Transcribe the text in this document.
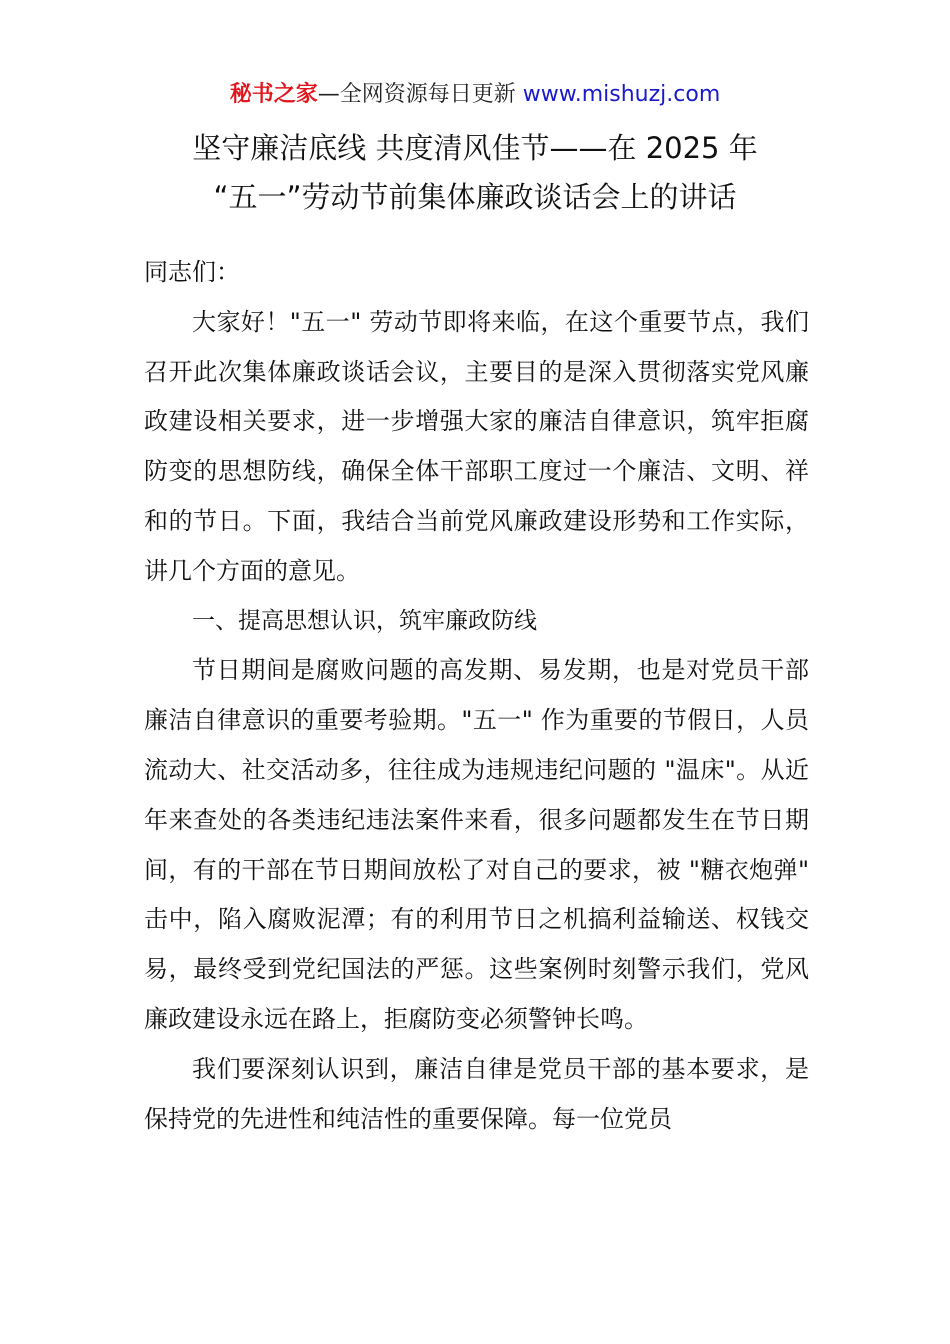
秘书之家—全网资源每日更新 www.mishuzj.com
坚守廉洁底线 共度清风佳节——在 2025 年
“五一”劳动节前集体廉政谈话会上的讲话

同志们：

大家好！"五一" 劳动节即将来临，在这个重要节点，我们召开此次集体廉政谈话会议，主要目的是深入贯彻落实党风廉政建设相关要求，进一步增强大家的廉洁自律意识，筑牢拒腐防变的思想防线，确保全体干部职工度过一个廉洁、文明、祥和的节日。下面，我结合当前党风廉政建设形势和工作实际，讲几个方面的意见。

一、提高思想认识，筑牢廉政防线

节日期间是腐败问题的高发期、易发期，也是对党员干部廉洁自律意识的重要考验期。"五一" 作为重要的节假日，人员流动大、社交活动多，往往成为违规违纪问题的 "温床"。从近年来查处的各类违纪违法案件来看，很多问题都发生在节日期间，有的干部在节日期间放松了对自己的要求，被 "糖衣炮弹" 击中，陷入腐败泥潭；有的利用节日之机搞利益输送、权钱交易，最终受到党纪国法的严惩。这些案例时刻警示我们，党风廉政建设永远在路上，拒腐防变必须警钟长鸣。

我们要深刻认识到，廉洁自律是党员干部的基本要求，是保持党的先进性和纯洁性的重要保障。每一位党员
